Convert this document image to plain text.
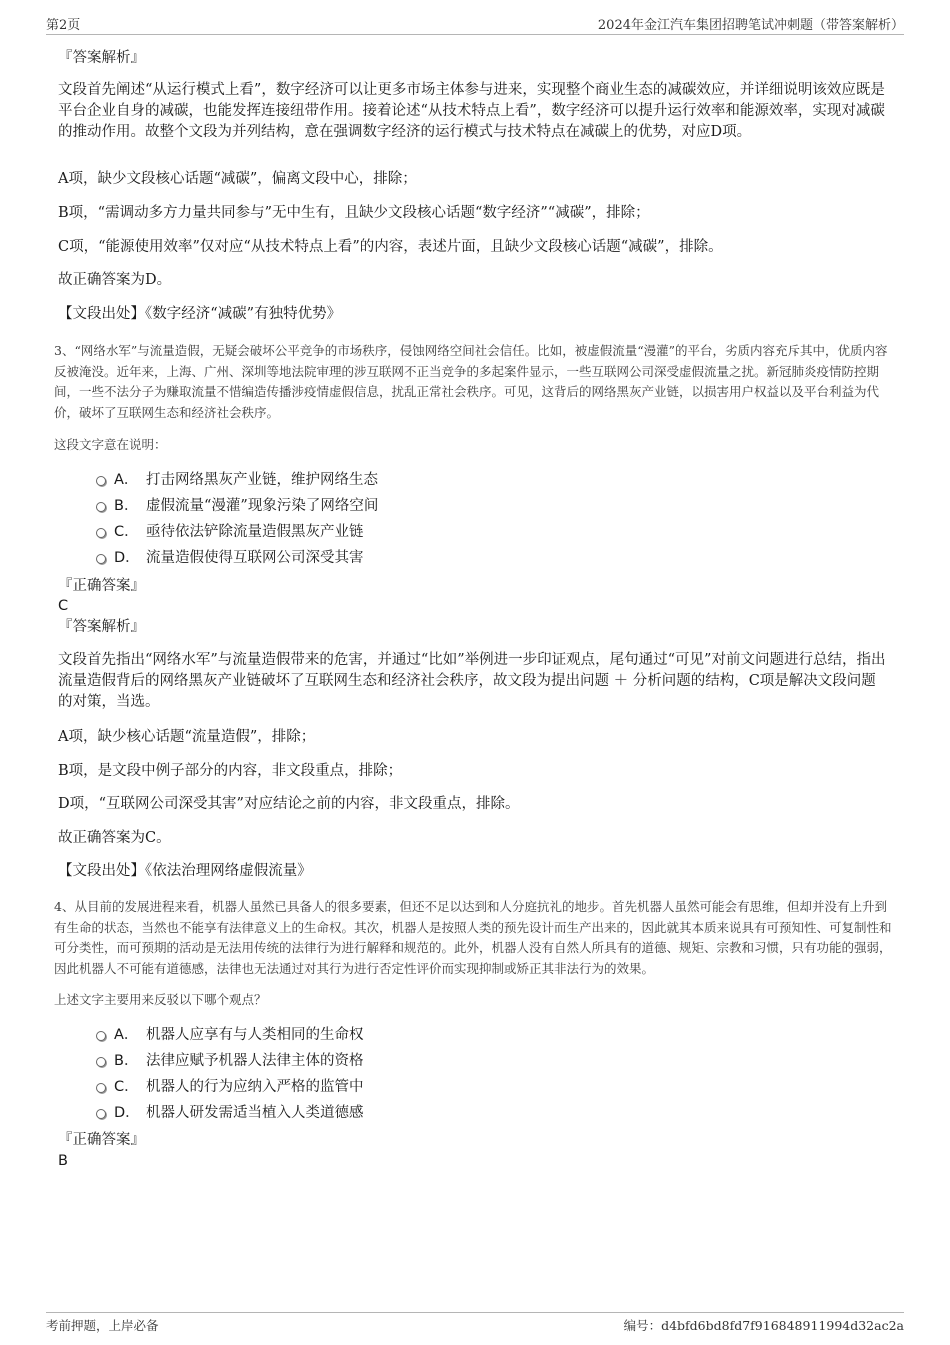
第2页	2024年金江汽车集团招聘笔试冲刺题（带答案解析）
『答案解析』
文段首先阐述“从运行模式上看”，数字经济可以让更多市场主体参与进来，实现整个商业生态的减碳效应，并详细说明该效应既是平台企业自身的减碳，也能发挥连接纽带作用。接着论述“从技术特点上看”，数字经济可以提升运行效率和能源效率，实现对减碳的推动作用。故整个文段为并列结构，意在强调数字经济的运行模式与技术特点在减碳上的优势，对应D项。
A项，缺少文段核心话题“减碳”，偏离文段中心，排除；
B项，“需调动多方力量共同参与”无中生有，且缺少文段核心话题“数字经济”“减碳”，排除；
C项，“能源使用效率”仅对应“从技术特点上看”的内容，表述片面，且缺少文段核心话题“减碳”，排除。
故正确答案为D。
【文段出处】《数字经济“减碳”有独特优势》
3、“网络水军”与流量造假，无疑会破坏公平竞争的市场秩序，侵蚀网络空间社会信任。比如，被虚假流量“漫灌”的平台，劣质内容充斥其中，优质内容反被淹没。近年来，上海、广州、深圳等地法院审理的涉互联网不正当竞争的多起案件显示，一些互联网公司深受虚假流量之扰。新冠肺炎疫情防控期间，一些不法分子为赚取流量不惜编造传播涉疫情虚假信息，扰乱正常社会秩序。可见，这背后的网络黑灰产业链，以损害用户权益以及平台利益为代价，破坏了互联网生态和经济社会秩序。
这段文字意在说明：
A． 打击网络黑灰产业链，维护网络生态
B． 虚假流量“漫灌”现象污染了网络空间
C． 亟待依法铲除流量造假黑灰产业链
D． 流量造假使得互联网公司深受其害
『正确答案』
C
『答案解析』
文段首先指出“网络水军”与流量造假带来的危害，并通过“比如”举例进一步印证观点，尾句通过“可见”对前文问题进行总结，指出流量造假背后的网络黑灰产业链破坏了互联网生态和经济社会秩序，故文段为提出问题 ＋ 分析问题的结构，C项是解决文段问题的对策，当选。
A项，缺少核心话题“流量造假”，排除；
B项，是文段中例子部分的内容，非文段重点，排除；
D项，“互联网公司深受其害”对应结论之前的内容，非文段重点，排除。
故正确答案为C。
【文段出处】《依法治理网络虚假流量》
4、从目前的发展进程来看，机器人虽然已具备人的很多要素，但还不足以达到和人分庭抗礼的地步。首先机器人虽然可能会有思维，但却并没有上升到有生命的状态，当然也不能享有法律意义上的生命权。其次，机器人是按照人类的预先设计而生产出来的，因此就其本质来说具有可预知性、可复制性和可分类性，而可预期的活动是无法用传统的法律行为进行解释和规范的。此外，机器人没有自然人所具有的道德、规矩、宗教和习惯，只有功能的强弱，因此机器人不可能有道德感，法律也无法通过对其行为进行否定性评价而实现抑制或矫正其非法行为的效果。
上述文字主要用来反驳以下哪个观点？
A． 机器人应享有与人类相同的生命权
B． 法律应赋予机器人法律主体的资格
C． 机器人的行为应纳入严格的监管中
D． 机器人研发需适当植入人类道德感
『正确答案』
B
考前押题，上岸必备	编号：d4bfd6bd8fd7f916848911994d32ac2a
